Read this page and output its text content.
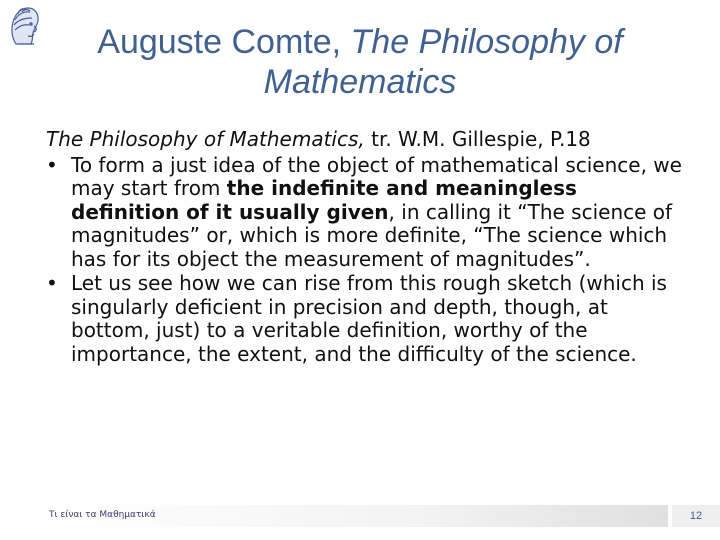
Auguste Comte, The Philosophy of Mathematics
The Philosophy of Mathematics, tr. W.M. Gillespie, P.18
• To form a just idea of the object of mathematical science, we may start from the indefinite and meaningless definition of it usually given, in calling it “The science of magnitudes” or, which is more definite, “The science which has for its object the measurement of magnitudes”.
• Let us see how we can rise from this rough sketch (which is singularly deficient in precision and depth, though, at bottom, just) to a veritable definition, worthy of the importance, the extent, and the difficulty of the science.
Τι είναι τα Μαθηματικά	12
